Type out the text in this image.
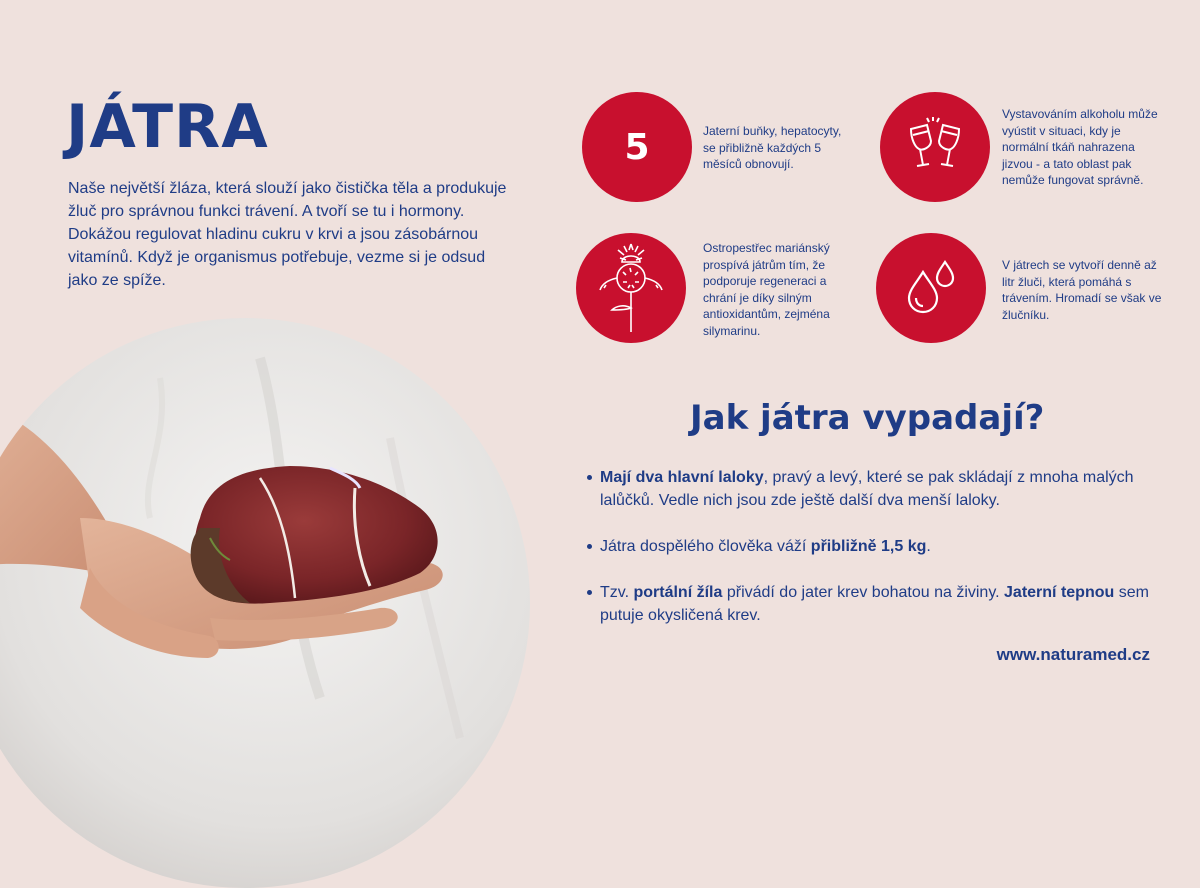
JÁTRA
Naše největší žláza, která slouží jako čistička těla a produkuje žluč pro správnou funkci trávení. A tvoří se tu i hormony. Dokážou regulovat hladinu cukru v krvi a jsou zásobárnou vitamínů. Když je organismus potřebuje, vezme si je odsud jako ze spíže.
5	Jaterní buňky, hepatocyty, se přibližně každých 5 měsíců obnovují.
Vystavováním alkoholu může vyústit v situaci, kdy je normální tkáň nahrazena jizvou - a tato oblast pak nemůže fungovat správně.
Ostropestřec mariánský prospívá játrům tím, že podporuje regeneraci a chrání je díky silným antioxidantům, zejména silymarinu.
V játrech se vytvoří denně až litr žluči, která pomáhá s trávením. Hromadí se však ve žlučníku.
Jak játra vypadají?
Mají dva hlavní laloky, pravý a levý, které se pak skládají z mnoha malých lalůčků. Vedle nich jsou zde ještě další dva menší laloky.
Játra dospělého člověka váží přibližně 1,5 kg.
Tzv. portální žíla přivádí do jater krev bohatou na živiny. Jaterní tepnou sem putuje okysličená krev.
www.naturamed.cz
